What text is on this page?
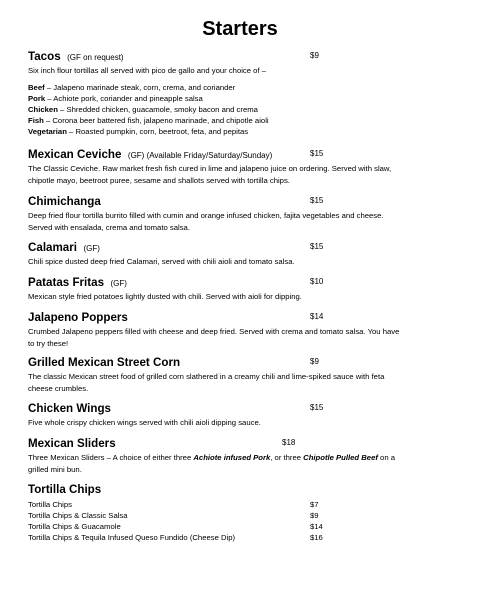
Starters
Tacos (GF on request)	$9
Six inch flour tortillas all served with pico de gallo and your choice of –
Beef – Jalapeno marinade steak, corn, crema, and coriander
Pork – Achiote pork, coriander and pineapple salsa
Chicken – Shredded chicken, guacamole, smoky bacon and crema
Fish – Corona beer battered fish, jalapeno marinade, and chipotle aioli
Vegetarian – Roasted pumpkin, corn, beetroot, feta, and pepitas
Mexican Ceviche (GF) (Available Friday/Saturday/Sunday)	$15
The Classic Ceviche. Raw market fresh fish cured in lime and jalapeno juice on ordering. Served with slaw,
chipotle mayo, beetroot puree, sesame and shallots served with tortilla chips.
Chimichanga	$15
Deep fried flour tortilla burrito filled with cumin and orange infused chicken, fajita vegetables and cheese.
Served with ensalada, crema and tomato salsa.
Calamari (GF)	$15
Chili spice dusted deep fried Calamari, served with chili aioli and tomato salsa.
Patatas Fritas (GF)	$10
Mexican style fried potatoes lightly dusted with chili. Served with aioli for dipping.
Jalapeno Poppers	$14
Crumbed Jalapeno peppers filled with cheese and deep fried. Served with crema and tomato salsa. You have
to try these!
Grilled Mexican Street Corn	$9
The classic Mexican street food of grilled corn slathered in a creamy chili and lime-spiked sauce with feta
cheese crumbles.
Chicken Wings	$15
Five whole crispy chicken wings served with chili aioli dipping sauce.
Mexican Sliders	$18
Three Mexican Sliders – A choice of either three Achiote infused Pork, or three Chipotle Pulled Beef on a
grilled mini bun.
Tortilla Chips
Tortilla Chips	$7
Tortilla Chips & Classic Salsa	$9
Tortilla Chips & Guacamole	$14
Tortilla Chips & Tequila Infused Queso Fundido (Cheese Dip)	$16
